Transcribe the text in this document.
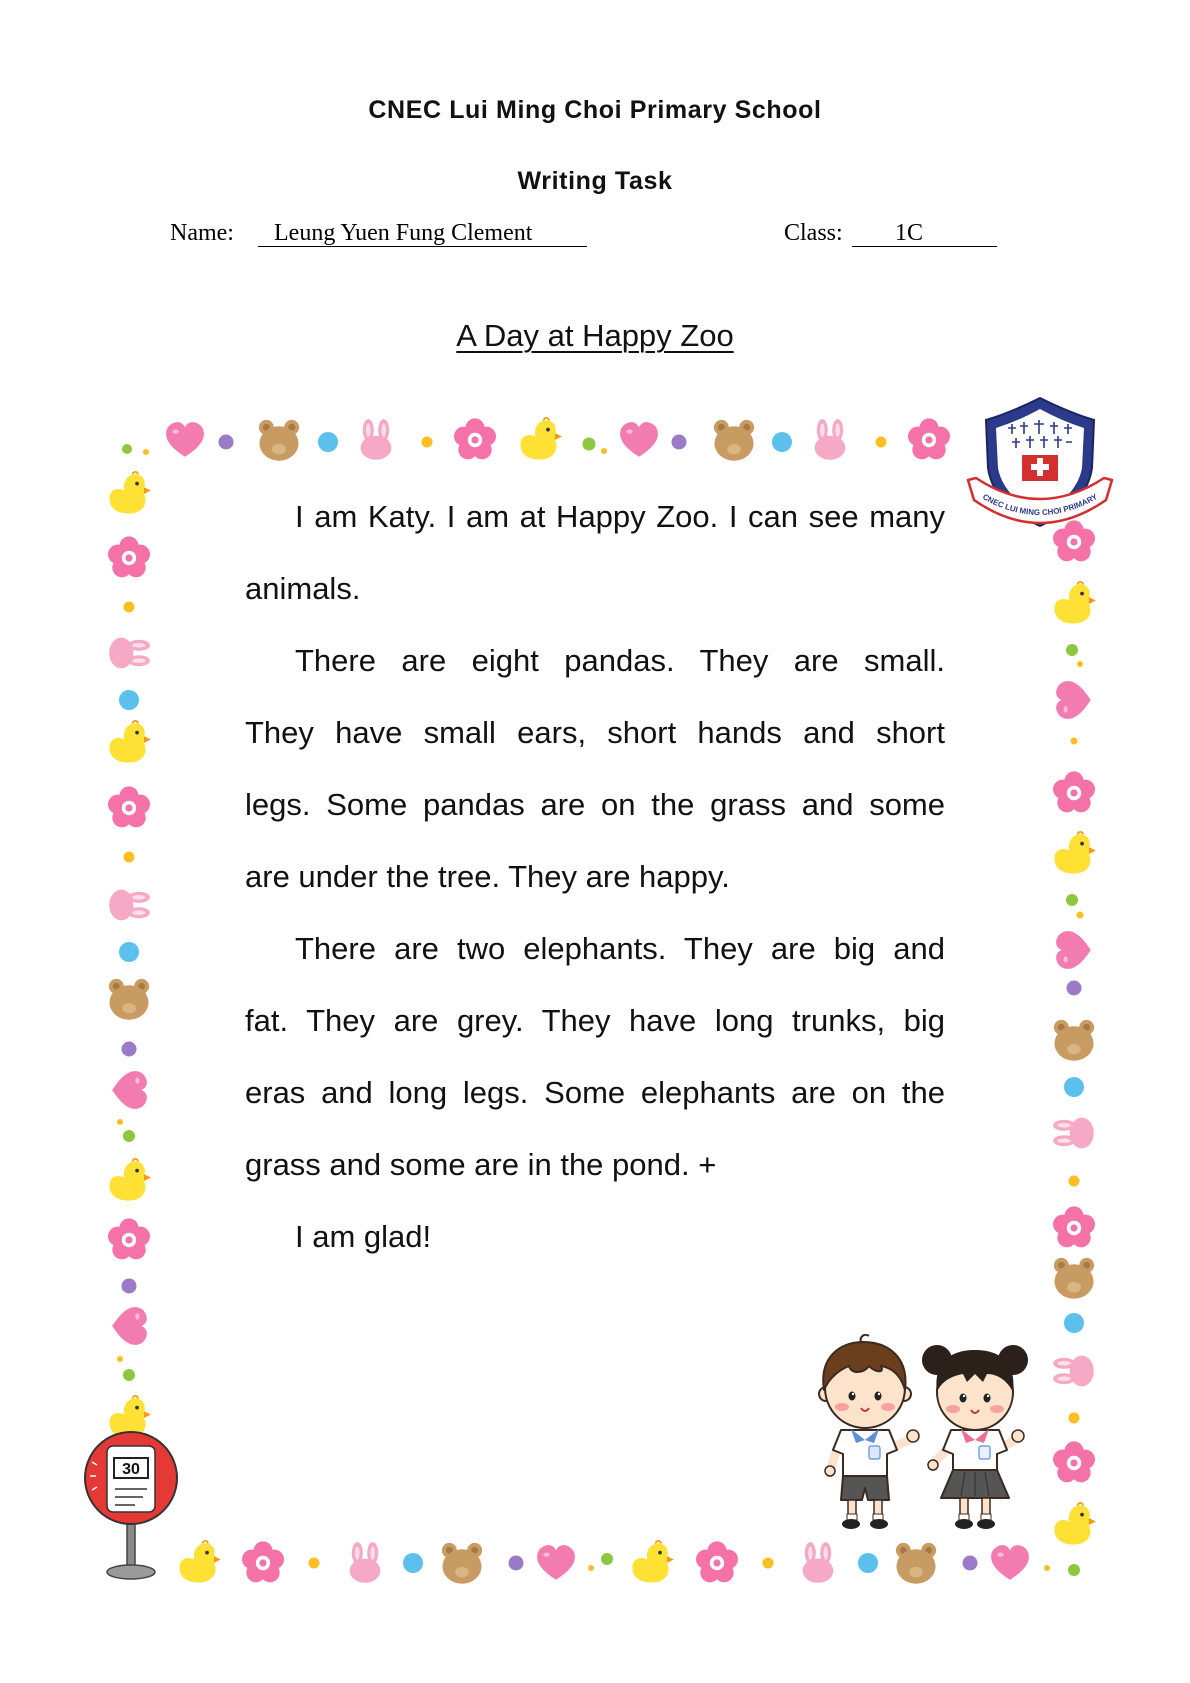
CNEC LUI MING CHOI PRIMARY
30
CNEC Lui Ming Choi Primary School
Writing Task
Name:	Leung Yuen Fung Clement	Class:	1C
A Day at Happy Zoo
I am Katy. I am at Happy Zoo. I can see many
animals.
There are eight pandas. They are small.
They have small ears, short hands and short
legs. Some pandas are on the grass and some
are under the tree. They are happy.
There are two elephants. They are big and
fat. They are grey. They have long trunks, big
eras and long legs. Some elephants are on the
grass and some are in the pond. +
I am glad!
